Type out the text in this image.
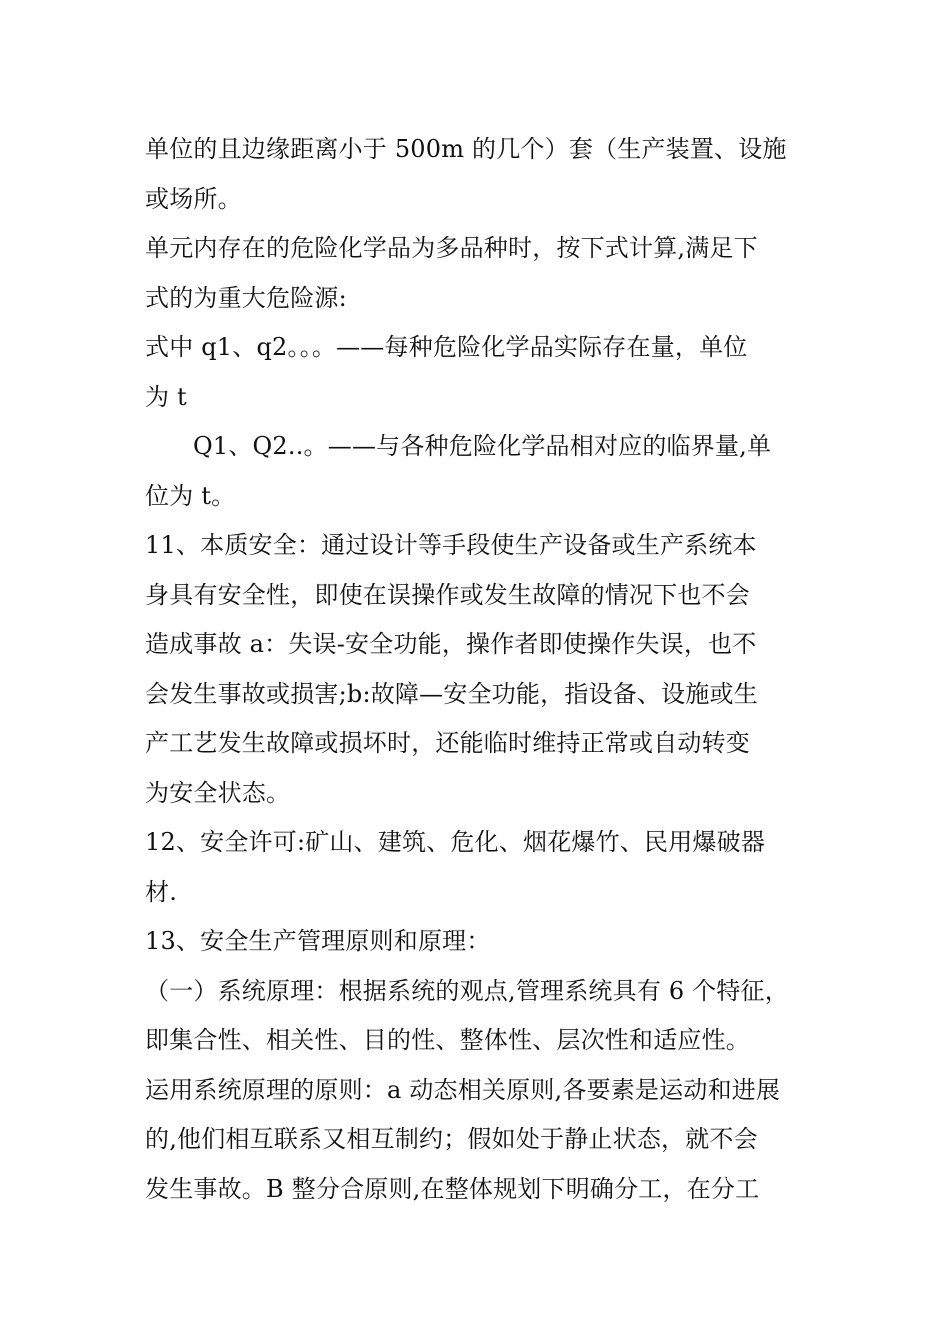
单位的且边缘距离小于 500m 的几个）套（生产装置、设施
或场所。
单元内存在的危险化学品为多品种时，按下式计算,满足下
式的为重大危险源:
式中 q1、q2。。。——每种危险化学品实际存在量，单位
为 t
Q1、Q2..。——与各种危险化学品相对应的临界量,单
位为 t。
11、本质安全：通过设计等手段使生产设备或生产系统本
身具有安全性，即使在误操作或发生故障的情况下也不会
造成事故 a：失误-安全功能，操作者即使操作失误，也不
会发生事故或损害;b:故障—安全功能，指设备、设施或生
产工艺发生故障或损坏时，还能临时维持正常或自动转变
为安全状态。
12、安全许可:矿山、建筑、危化、烟花爆竹、民用爆破器
材.
13、安全生产管理原则和原理：
（一）系统原理：根据系统的观点,管理系统具有 6 个特征，
即集合性、相关性、目的性、整体性、层次性和适应性。
运用系统原理的原则：a 动态相关原则,各要素是运动和进展
的,他们相互联系又相互制约；假如处于静止状态，就不会
发生事故。B 整分合原则,在整体规划下明确分工，在分工
